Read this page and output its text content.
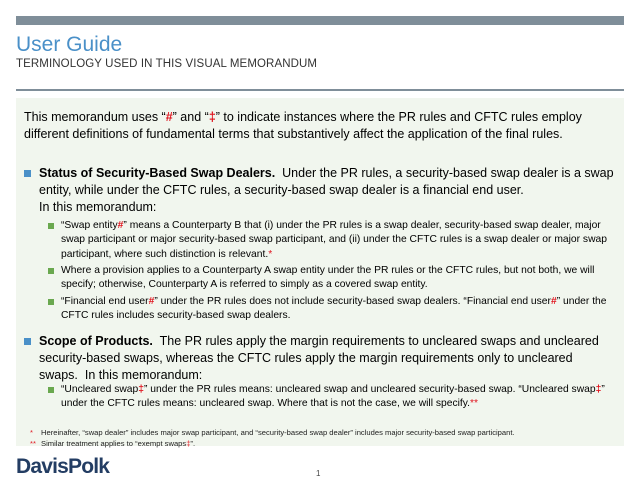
User Guide
TERMINOLOGY USED IN THIS VISUAL MEMORANDUM
This memorandum uses “#” and “‡” to indicate instances where the PR rules and CFTC rules employ different definitions of fundamental terms that substantively affect the application of the final rules.
Status of Security-Based Swap Dealers. Under the PR rules, a security-based swap dealer is a swap entity, while under the CFTC rules, a security-based swap dealer is a financial end user.
In this memorandum:
“Swap entity#” means a Counterparty B that (i) under the PR rules is a swap dealer, security-based swap dealer, major swap participant or major security-based swap participant, and (ii) under the CFTC rules is a swap dealer or major swap participant, where such distinction is relevant.*
Where a provision applies to a Counterparty A swap entity under the PR rules or the CFTC rules, but not both, we will specify; otherwise, Counterparty A is referred to simply as a covered swap entity.
“Financial end user#” under the PR rules does not include security-based swap dealers. “Financial end user#” under the CFTC rules includes security-based swap dealers.
Scope of Products. The PR rules apply the margin requirements to uncleared swaps and uncleared security-based swaps, whereas the CFTC rules apply the margin requirements only to uncleared swaps. In this memorandum:
“Uncleared swap‡” under the PR rules means: uncleared swap and uncleared security-based swap. “Uncleared swap‡” under the CFTC rules means: uncleared swap. Where that is not the case, we will specify.**
* Hereinafter, “swap dealer” includes major swap participant, and “security-based swap dealer” includes major security-based swap participant.
** Similar treatment applies to “exempt swaps‡”.
DavisPolk	1
